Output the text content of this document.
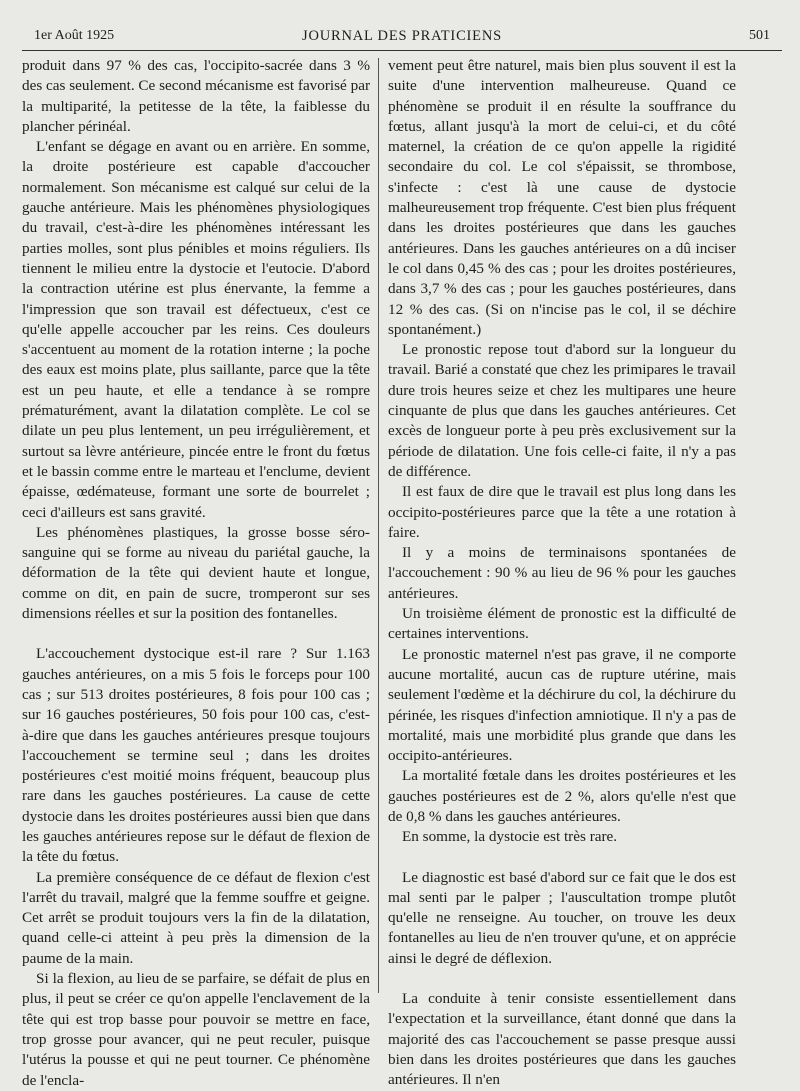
1er Août 1925	JOURNAL DES PRATICIENS	501

produit dans 97 % des cas, l'occipito-sacrée dans 3 % des cas seulement. Ce second mécanisme est favorisé par la multiparité, la petitesse de la tête, la faiblesse du plancher périnéal.

L'enfant se dégage en avant ou en arrière. En somme, la droite postérieure est capable d'accoucher normalement. Son mécanisme est calqué sur celui de la gauche antérieure. Mais les phénomènes physiologiques du travail, c'est-à-dire les phénomènes intéressant les parties molles, sont plus pénibles et moins réguliers. Ils tiennent le milieu entre la dystocie et l'eutocie. D'abord la contraction utérine est plus énervante, la femme a l'impression que son travail est défectueux, c'est ce qu'elle appelle accoucher par les reins. Ces douleurs s'accentuent au moment de la rotation interne ; la poche des eaux est moins plate, plus saillante, parce que la tête est un peu haute, et elle a tendance à se rompre prématurément, avant la dilatation complète. Le col se dilate un peu plus lentement, un peu irrégulièrement, et surtout sa lèvre antérieure, pincée entre le front du fœtus et le bassin comme entre le marteau et l'enclume, devient épaisse, œdémateuse, formant une sorte de bourrelet ; ceci d'ailleurs est sans gravité.

Les phénomènes plastiques, la grosse bosse séro-sanguine qui se forme au niveau du pariétal gauche, la déformation de la tête qui devient haute et longue, comme on dit, en pain de sucre, tromperont sur ses dimensions réelles et sur la position des fontanelles.

L'accouchement dystocique est-il rare ? Sur 1.163 gauches antérieures, on a mis 5 fois le forceps pour 100 cas ; sur 513 droites postérieures, 8 fois pour 100 cas ; sur 16 gauches postérieures, 50 fois pour 100 cas, c'est-à-dire que dans les gauches antérieures presque toujours l'accouchement se termine seul ; dans les droites postérieures c'est moitié moins fréquent, beaucoup plus rare dans les gauches postérieures. La cause de cette dystocie dans les droites postérieures aussi bien que dans les gauches antérieures repose sur le défaut de flexion de la tête du fœtus.

La première conséquence de ce défaut de flexion c'est l'arrêt du travail, malgré que la femme souffre et geigne. Cet arrêt se produit toujours vers la fin de la dilatation, quand celle-ci atteint à peu près la dimension de la paume de la main.

Si la flexion, au lieu de se parfaire, se défait de plus en plus, il peut se créer ce qu'on appelle l'enclavement de la tête qui est trop basse pour pouvoir se mettre en face, trop grosse pour avancer, qui ne peut reculer, puisque l'utérus la pousse et qui ne peut tourner. Ce phénomène de l'encla-

vement peut être naturel, mais bien plus souvent il est la suite d'une intervention malheureuse. Quand ce phénomène se produit il en résulte la souffrance du fœtus, allant jusqu'à la mort de celui-ci, et du côté maternel, la création de ce qu'on appelle la rigidité secondaire du col. Le col s'épaissit, se thrombose, s'infecte : c'est là une cause de dystocie malheureusement trop fréquente. C'est bien plus fréquent dans les droites postérieures que dans les gauches antérieures. Dans les gauches antérieures on a dû inciser le col dans 0,45 % des cas ; pour les droites postérieures, dans 3,7 % des cas ; pour les gauches postérieures, dans 12 % des cas. (Si on n'incise pas le col, il se déchire spontanément.)

Le pronostic repose tout d'abord sur la longueur du travail. Barié a constaté que chez les primipares le travail dure trois heures seize et chez les multipares une heure cinquante de plus que dans les gauches antérieures. Cet excès de longueur porte à peu près exclusivement sur la période de dilatation. Une fois celle-ci faite, il n'y a pas de différence.

Il est faux de dire que le travail est plus long dans les occipito-postérieures parce que la tête a une rotation à faire.

Il y a moins de terminaisons spontanées de l'accouchement : 90 % au lieu de 96 % pour les gauches antérieures.

Un troisième élément de pronostic est la difficulté de certaines interventions.

Le pronostic maternel n'est pas grave, il ne comporte aucune mortalité, aucun cas de rupture utérine, mais seulement l'œdème et la déchirure du col, la déchirure du périnée, les risques d'infection amniotique. Il n'y a pas de mortalité, mais une morbidité plus grande que dans les occipito-antérieures.

La mortalité fœtale dans les droites postérieures et les gauches postérieures est de 2 %, alors qu'elle n'est que de 0,8 % dans les gauches antérieures.

En somme, la dystocie est très rare.

Le diagnostic est basé d'abord sur ce fait que le dos est mal senti par le palper ; l'auscultation trompe plutôt qu'elle ne renseigne. Au toucher, on trouve les deux fontanelles au lieu de n'en trouver qu'une, et on apprécie ainsi le degré de déflexion.

La conduite à tenir consiste essentiellement dans l'expectation et la surveillance, étant donné que dans la majorité des cas l'accouchement se passe presque aussi bien dans les droites postérieures que dans les gauches antérieures. Il n'en
